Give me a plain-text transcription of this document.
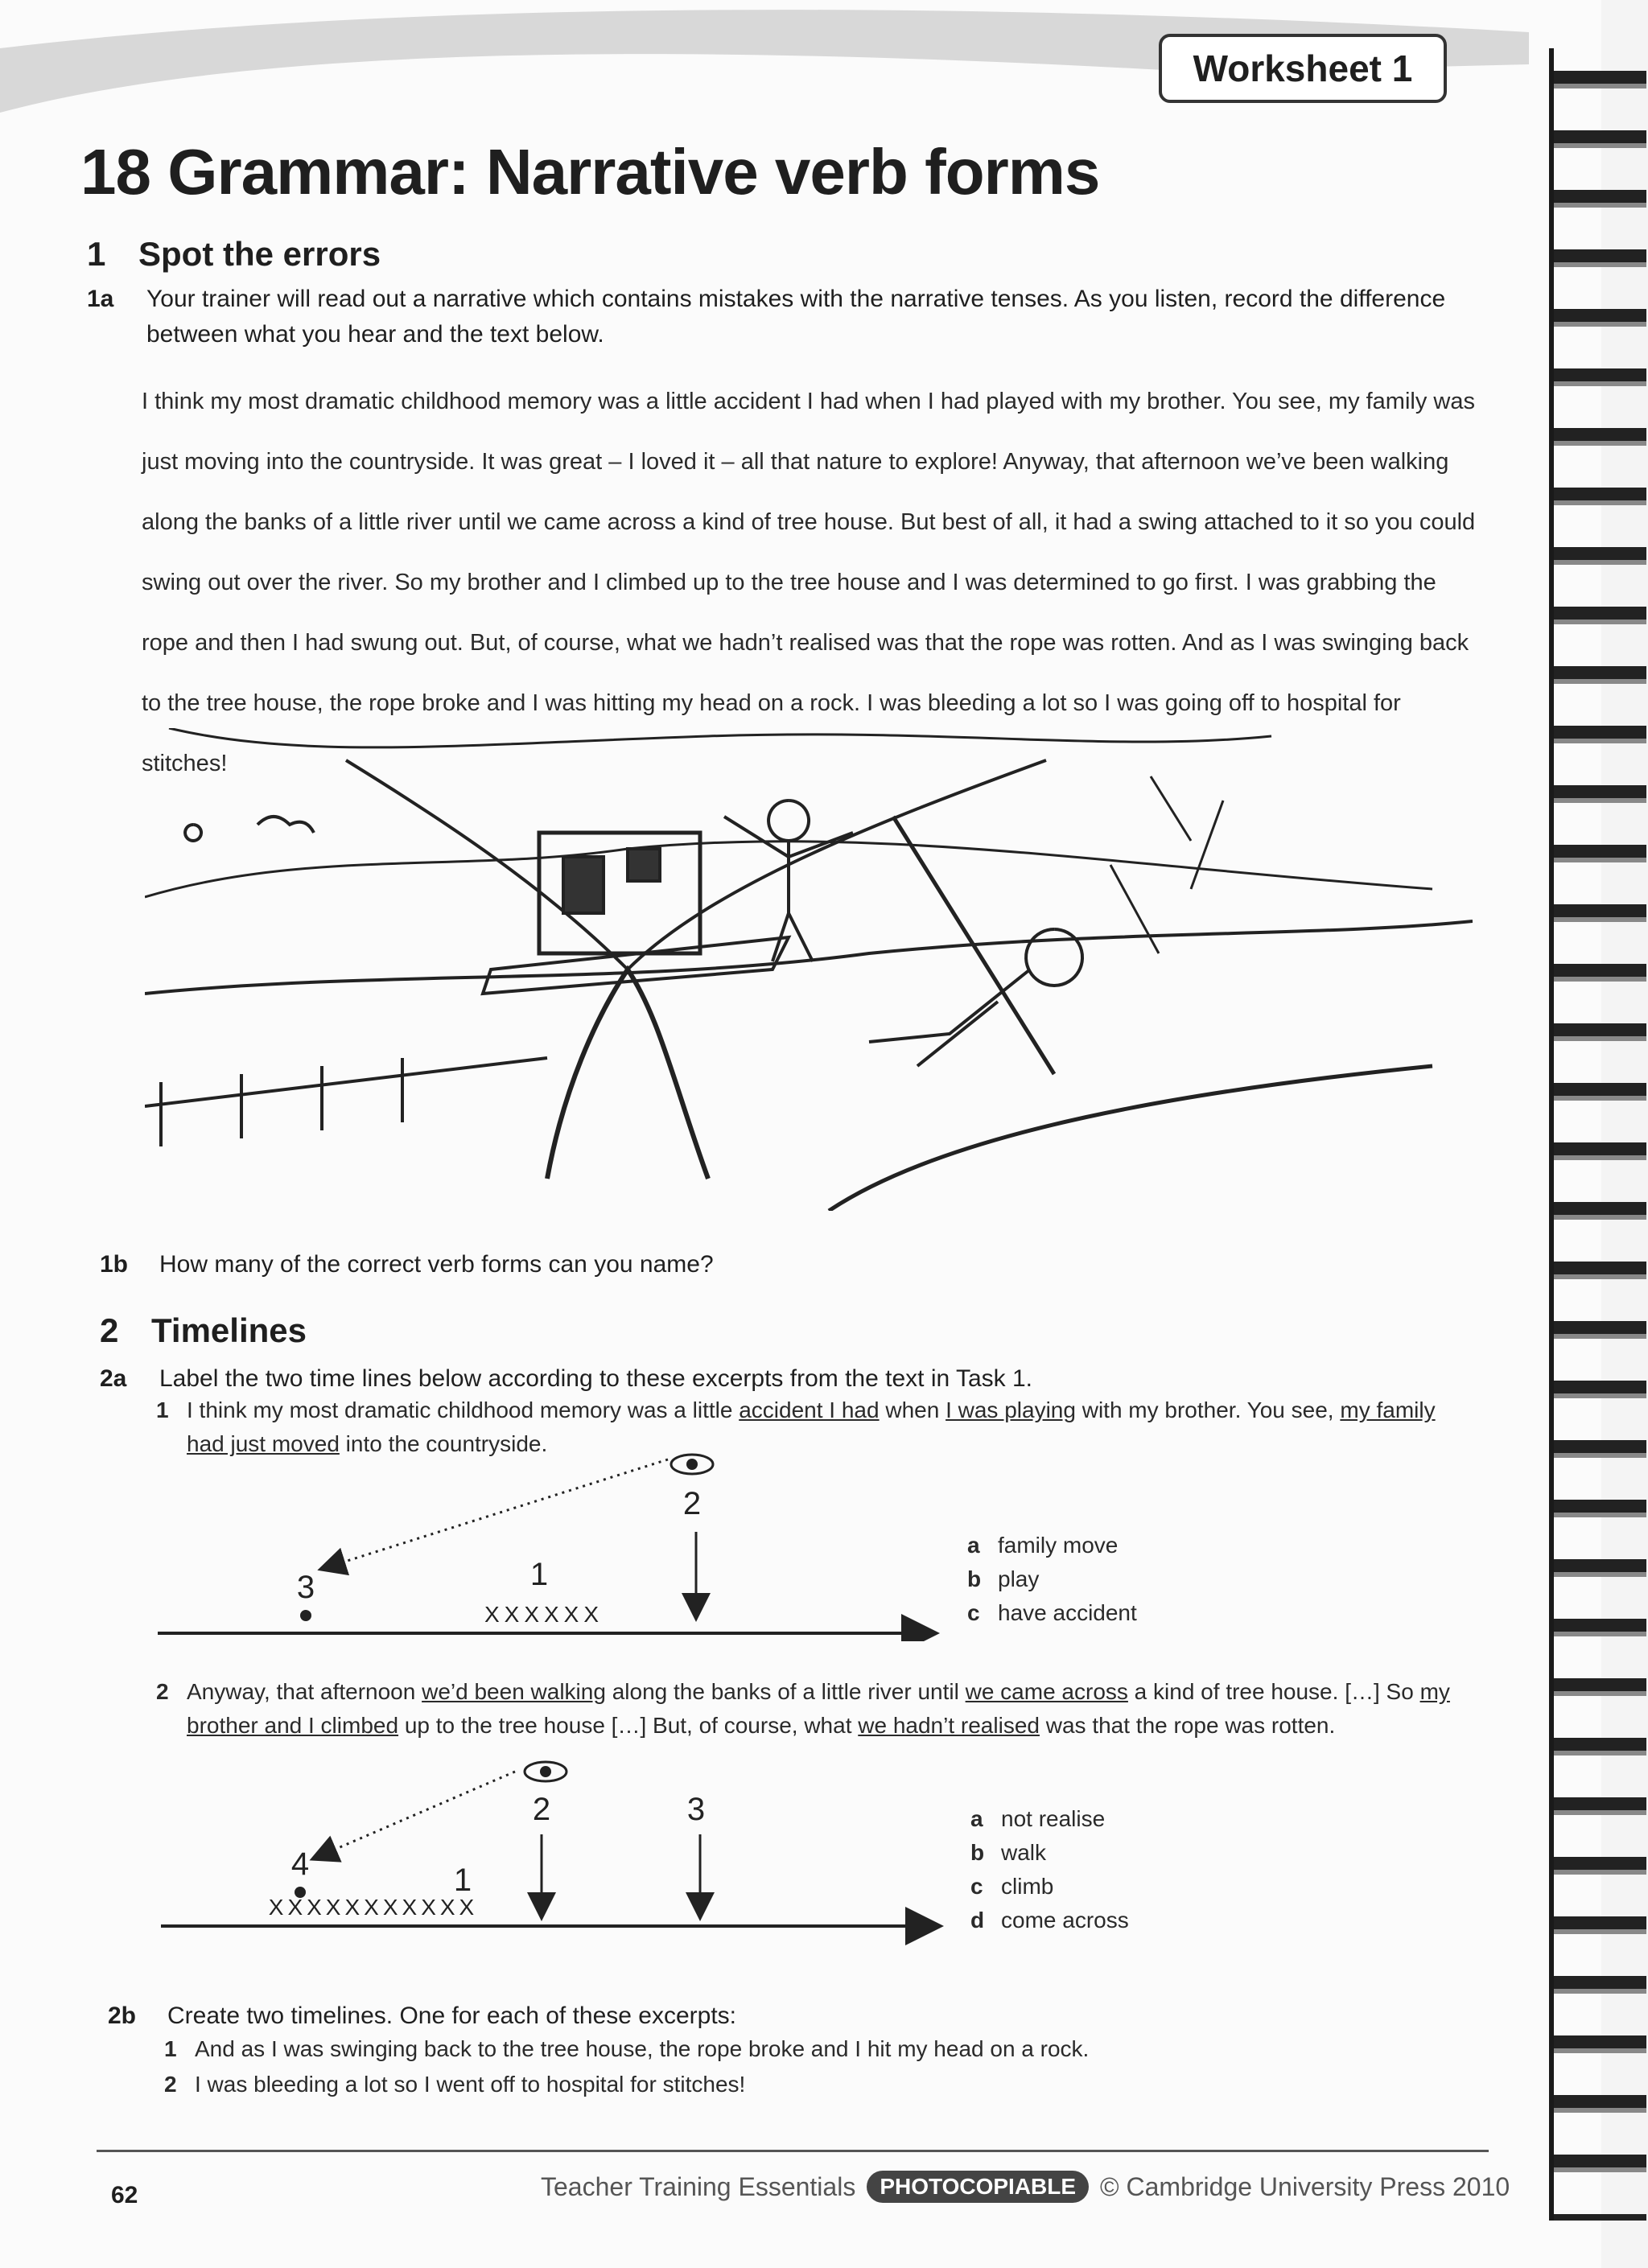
Worksheet 1
18 Grammar: Narrative verb forms
1 Spot the errors
1a	Your trainer will read out a narrative which contains mistakes with the narrative tenses. As you listen, record the difference between what you hear and the text below.
I think my most dramatic childhood memory was a little accident I had when I had played with my brother. You see, my family was
just moving into the countryside. It was great – I loved it – all that nature to explore! Anyway, that afternoon we’ve been walking
along the banks of a little river until we came across a kind of tree house. But best of all, it had a swing attached to it so you could
swing out over the river. So my brother and I climbed up to the tree house and I was determined to go first. I was grabbing the
rope and then I had swung out. But, of course, what we hadn’t realised was that the rope was rotten. And as I was swinging back
to the tree house, the rope broke and I was hitting my head on a rock. I was bleeding a lot so I was going off to hospital for stitches!
1b	How many of the correct verb forms can you name?
2 Timelines
2a	Label the two time lines below according to these excerpts from the text in Task 1.
1 I think my most dramatic childhood memory was a little accident I had when I was playing with my brother. You see, my family had just moved into the countryside.
2
1
3
XXXXXX
a family move
b play
c have accident
2 Anyway, that afternoon we’d been walking along the banks of a little river until we came across a kind of tree house. […] So my brother and I climbed up to the tree house […] But, of course, what we hadn’t realised was that the rope was rotten.
2	3
1
4
XXXXXXXXXXX
a not realise
b walk
c climb
d come across
2b	Create two timelines. One for each of these excerpts:
1 And as I was swinging back to the tree house, the rope broke and I hit my head on a rock.
2 I was bleeding a lot so I went off to hospital for stitches!
62	Teacher Training Essentials	PHOTOCOPIABLE © Cambridge University Press 2010
